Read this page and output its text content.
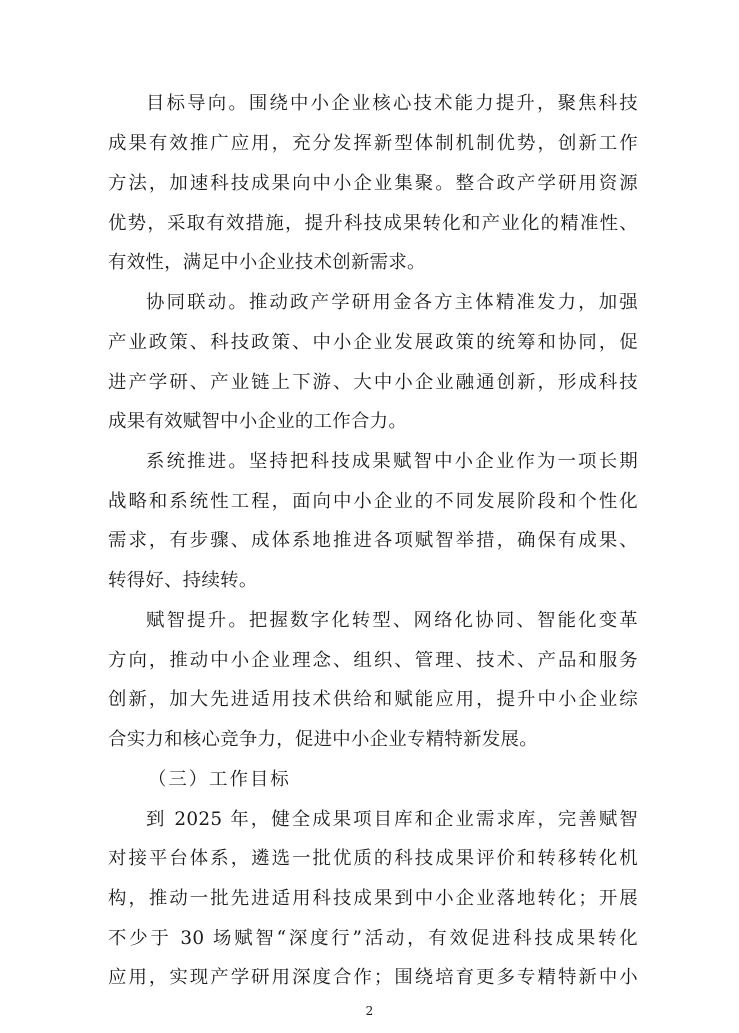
目标导向。围绕中小企业核心技术能力提升，聚焦科技
成果有效推广应用，充分发挥新型体制机制优势，创新工作
方法，加速科技成果向中小企业集聚。整合政产学研用资源
优势，采取有效措施，提升科技成果转化和产业化的精准性、
有效性，满足中小企业技术创新需求。
协同联动。推动政产学研用金各方主体精准发力，加强
产业政策、科技政策、中小企业发展政策的统筹和协同，促
进产学研、产业链上下游、大中小企业融通创新，形成科技
成果有效赋智中小企业的工作合力。
系统推进。坚持把科技成果赋智中小企业作为一项长期
战略和系统性工程，面向中小企业的不同发展阶段和个性化
需求，有步骤、成体系地推进各项赋智举措，确保有成果、
转得好、持续转。
赋智提升。把握数字化转型、网络化协同、智能化变革
方向，推动中小企业理念、组织、管理、技术、产品和服务
创新，加大先进适用技术供给和赋能应用，提升中小企业综
合实力和核心竞争力，促进中小企业专精特新发展。
（三）工作目标
到 2025 年，健全成果项目库和企业需求库，完善赋智
对接平台体系，遴选一批优质的科技成果评价和转移转化机
构，推动一批先进适用科技成果到中小企业落地转化；开展
不少于 30 场赋智“深度行”活动，有效促进科技成果转化
应用，实现产学研用深度合作；围绕培育更多专精特新中小
2
